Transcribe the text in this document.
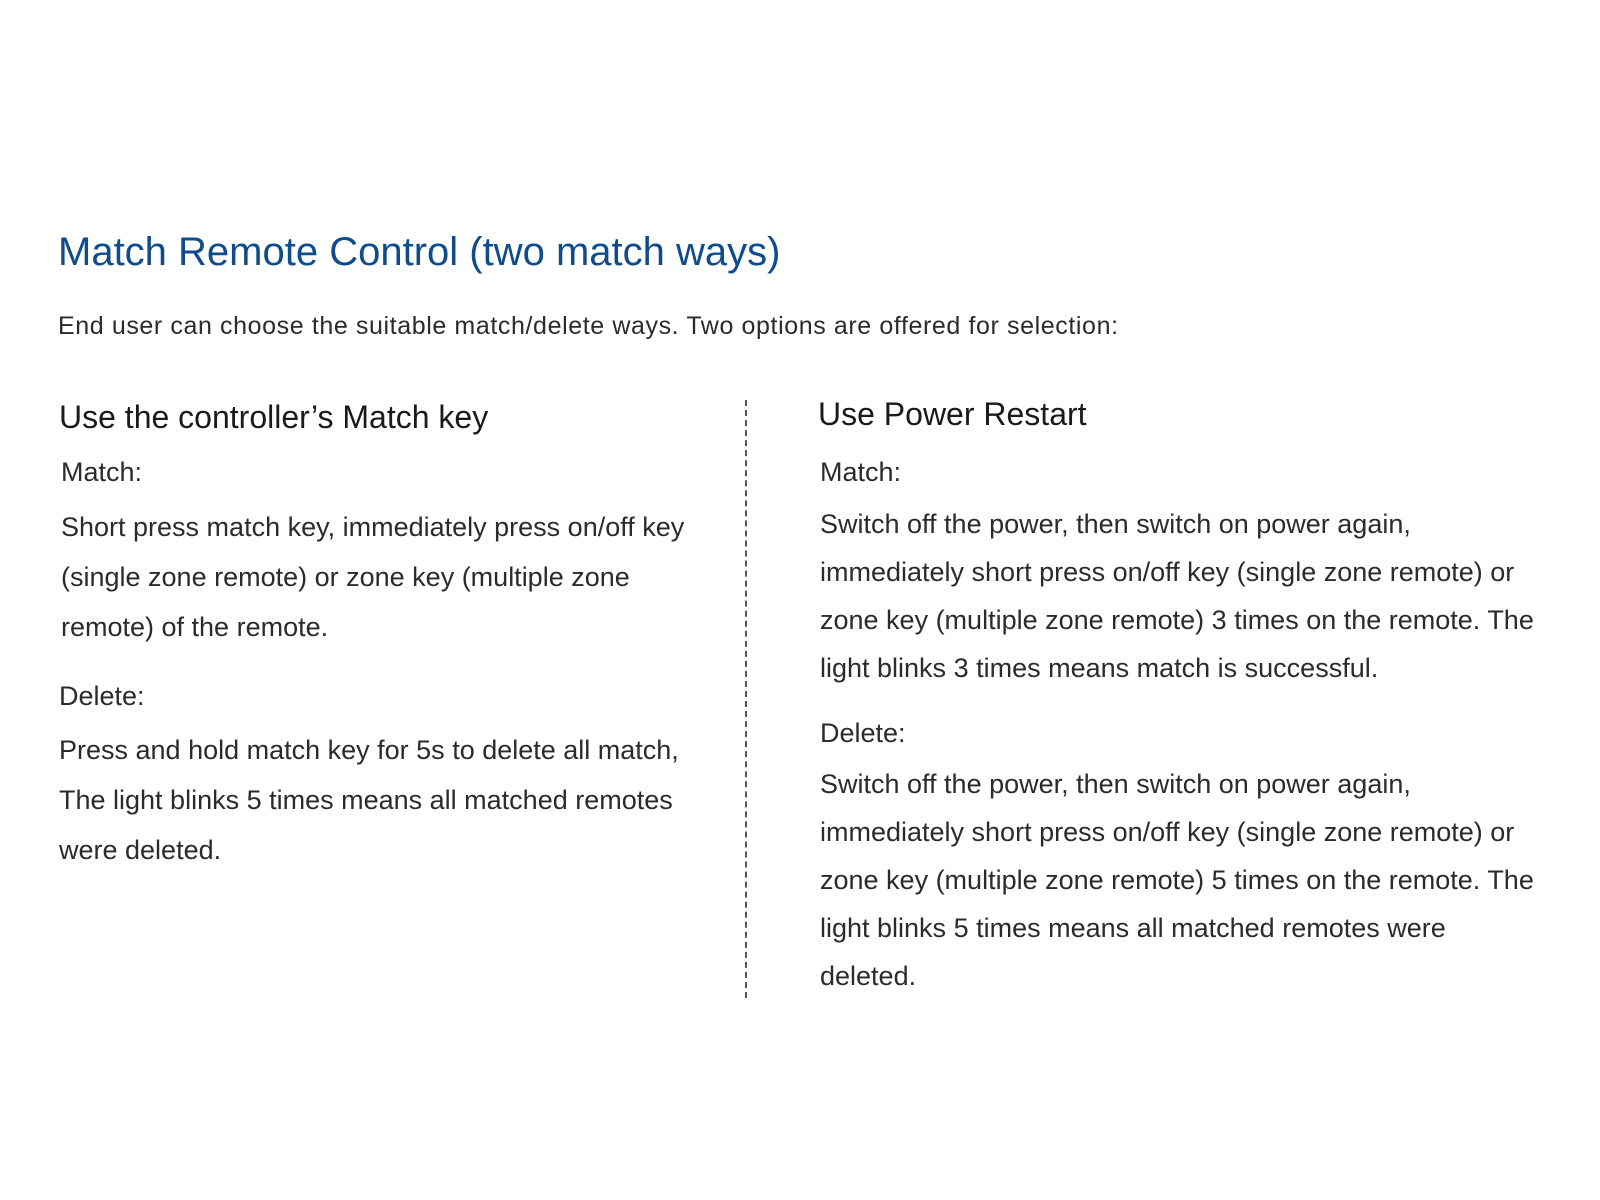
Match Remote Control (two match ways)

End user can choose the suitable match/delete ways. Two options are offered for selection:

Use the controller’s Match key

Match:

Short press match key, immediately press on/off key (single zone remote) or zone key (multiple zone remote) of the remote.

Delete:

Press and hold match key for 5s to delete all match, The light blinks 5 times means all matched remotes were deleted.

Use Power Restart

Match:

Switch off the power, then switch on power again, immediately short press on/off key (single zone remote) or zone key (multiple zone remote) 3 times on the remote. The light blinks 3 times means match is successful.

Delete:

Switch off the power, then switch on power again, immediately short press on/off key (single zone remote) or zone key (multiple zone remote) 5 times on the remote. The light blinks 5 times means all matched remotes were deleted.
